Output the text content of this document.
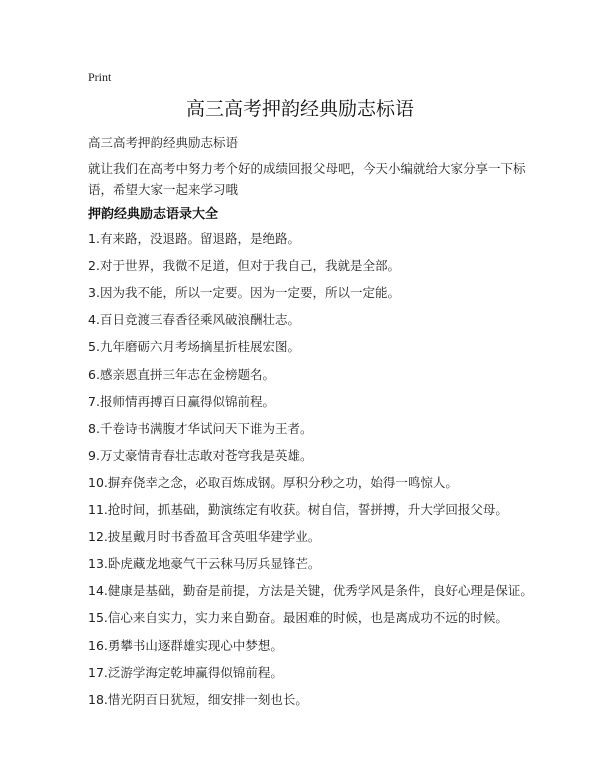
Print
高三高考押韵经典励志标语
高三高考押韵经典励志标语
就让我们在高考中努力考个好的成绩回报父母吧，今天小编就给大家分享一下标语，希望大家一起来学习哦
押韵经典励志语录大全
1.有来路，没退路。留退路，是绝路。
2.对于世界，我微不足道，但对于我自己，我就是全部。
3.因为我不能，所以一定要。因为一定要，所以一定能。
4.百日竞渡三春香径乘风破浪酬壮志。
5.九年磨砺六月考场摘星折桂展宏图。
6.感亲恩直拼三年志在金榜题名。
7.报师情再搏百日赢得似锦前程。
8.千卷诗书满腹才华试问天下谁为王者。
9.万丈豪情青春壮志敢对苍穹我是英雄。
10.摒弃侥幸之念，必取百炼成钢。厚积分秒之功，始得一鸣惊人。
11.抢时间，抓基础，勤演练定有收获。树自信，誓拼搏，升大学回报父母。
12.披星戴月时书香盈耳含英咀华建学业。
13.卧虎藏龙地豪气干云秣马厉兵显锋芒。
14.健康是基础，勤奋是前提，方法是关键，优秀学风是条件，良好心理是保证。
15.信心来自实力，实力来自勤奋。最困难的时候，也是离成功不远的时候。
16.勇攀书山逐群雄实现心中梦想。
17.泛游学海定乾坤赢得似锦前程。
18.惜光阴百日犹短，细安排一刻也长。
